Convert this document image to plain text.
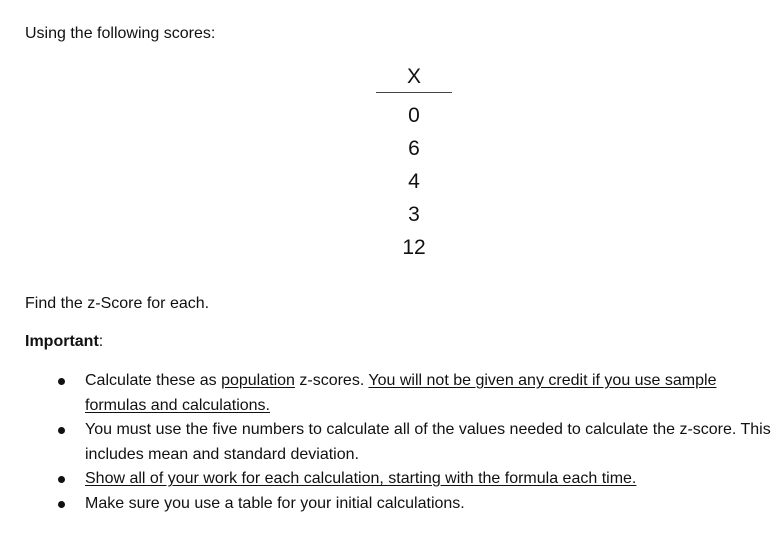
Using the following scores:
X
0
6
4
3
12
Find the z-Score for each.
Important:
Calculate these as population z-scores. You will not be given any credit if you use sample formulas and calculations.
You must use the five numbers to calculate all of the values needed to calculate the z-score. This includes mean and standard deviation.
Show all of your work for each calculation, starting with the formula each time.
Make sure you use a table for your initial calculations.
